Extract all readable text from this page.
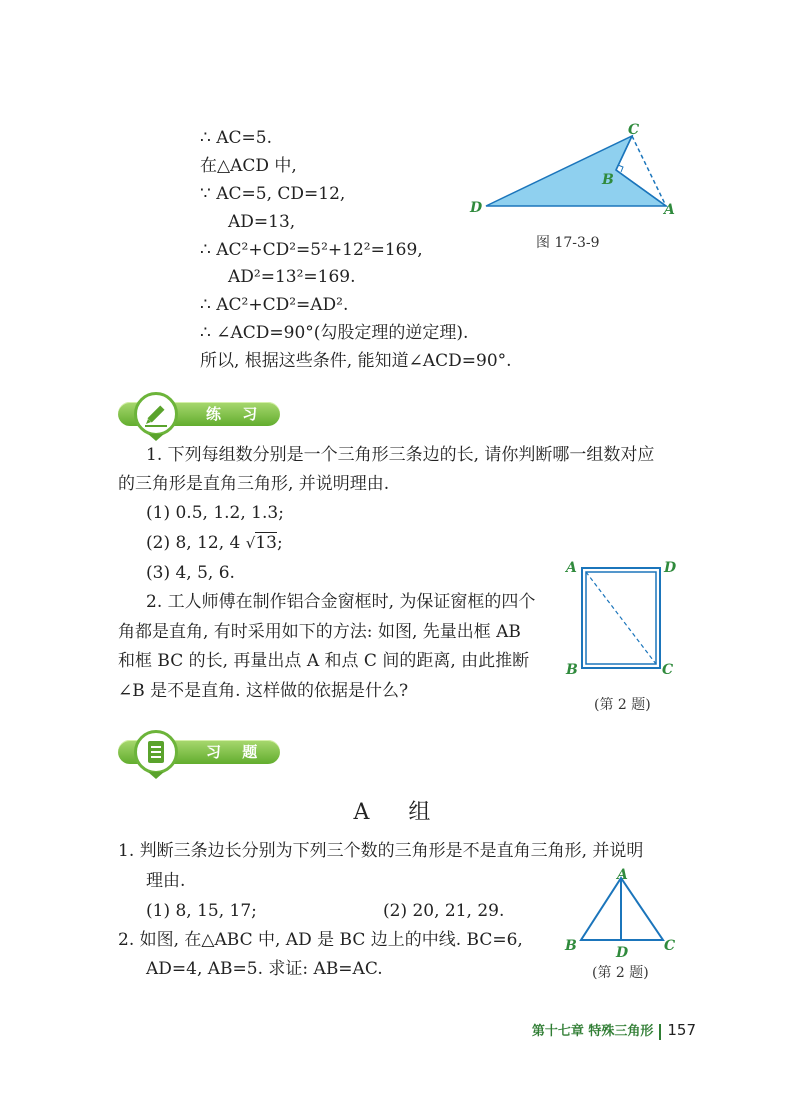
∴ AC=5.
在△ACD 中,
∵ AC=5, CD=12,
AD=13,
∴ AC²+CD²=5²+12²=169,
AD²=13²=169.
∴ AC²+CD²=AD².
∴ ∠ACD=90°(勾股定理的逆定理).
所以, 根据这些条件, 能知道∠ACD=90°.
C
B
D	A
图 17-3-9
练 习
1. 下列每组数分别是一个三角形三条边的长, 请你判断哪一组数对应
的三角形是直角三角形, 并说明理由.
(1) 0.5, 1.2, 1.3;
(2) 8, 12, 4 √13;
(3) 4, 5, 6.
2. 工人师傅在制作铝合金窗框时, 为保证窗框的四个
角都是直角, 有时采用如下的方法: 如图, 先量出框 AB
和框 BC 的长, 再量出点 A 和点 C 间的距离, 由此推断
∠B 是不是直角. 这样做的依据是什么?
A	D
B	C
(第 2 题)
习 题
A 组
1. 判断三条边长分别为下列三个数的三角形是不是直角三角形, 并说明
理由.
(1) 8, 15, 17;	(2) 20, 21, 29.
2. 如图, 在△ABC 中, AD 是 BC 边上的中线. BC=6,
AD=4, AB=5. 求证: AB=AC.
A
B	D	C
(第 2 题)
第十七章 特殊三角形 157
